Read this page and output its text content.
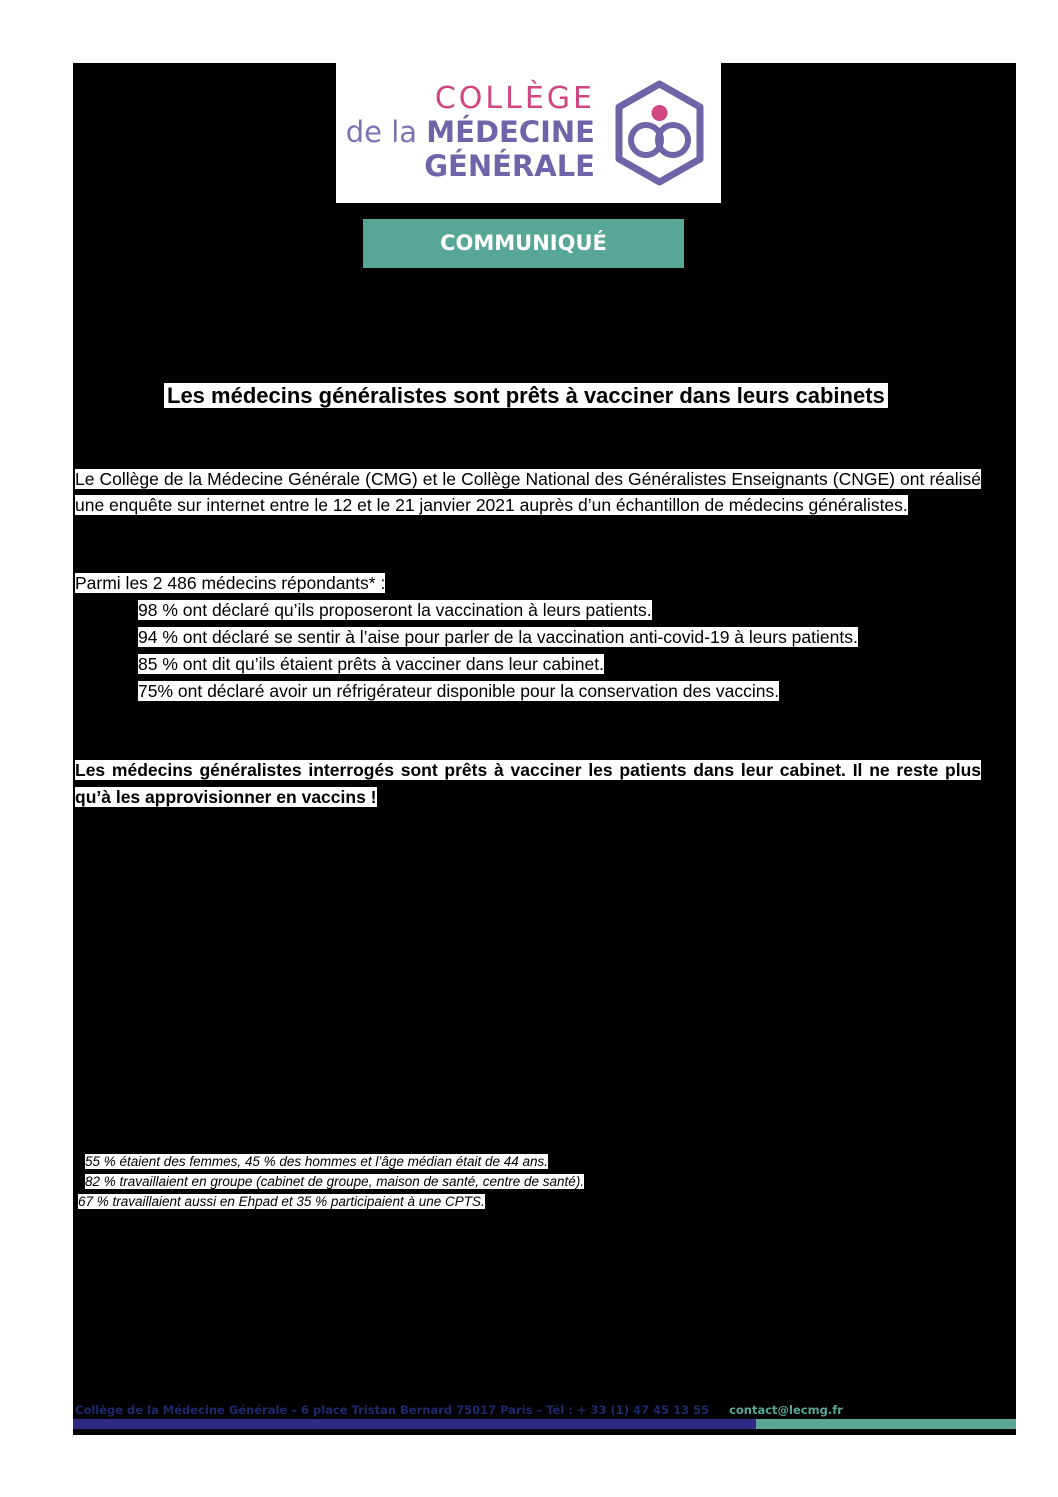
COLLÈGE
de la MÉDECINE
GÉNÉRALE
COMMUNIQUÉ
Les médecins généralistes sont prêts à vacciner dans leurs cabinets

Le Collège de la Médecine Générale (CMG) et le Collège National des Généralistes Enseignants (CNGE) ont réalisé une enquête sur internet entre le 12 et le 21 janvier 2021 auprès d’un échantillon de médecins généralistes.

Parmi les 2 486 médecins répondants* :
98 % ont déclaré qu’ils proposeront la vaccination à leurs patients.
94 % ont déclaré se sentir à l’aise pour parler de la vaccination anti-covid-19 à leurs patients.
85 % ont dit qu’ils étaient prêts à vacciner dans leur cabinet.
75% ont déclaré avoir un réfrigérateur disponible pour la conservation des vaccins.

Les médecins généralistes interrogés sont prêts à vacciner les patients dans leur cabinet. Il ne reste plus qu’à les approvisionner en vaccins !

55 % étaient des femmes, 45 % des hommes et l’âge médian était de 44 ans.
82 % travaillaient en groupe (cabinet de groupe, maison de santé, centre de santé).
67 % travaillaient aussi en Ehpad et 35 % participaient à une CPTS.
Collège de la Médecine Générale – 6 place Tristan Bernard 75017 Paris – Tél : + 33 (1) 47 45 13 55 contact@lecmg.fr
